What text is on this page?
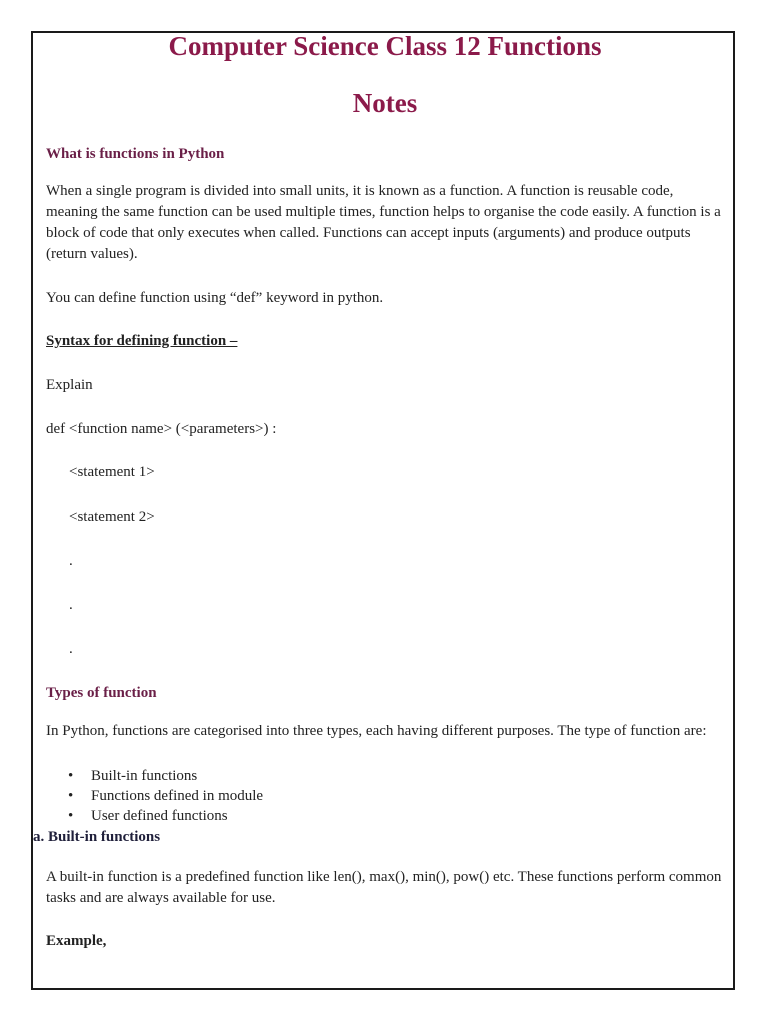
Computer Science Class 12 Functions
Notes
What is functions in Python
When a single program is divided into small units, it is known as a function. A function is reusable code, meaning the same function can be used multiple times, function helps to organise the code easily. A function is a block of code that only executes when called. Functions can accept inputs (arguments) and produce outputs (return values).
You can define function using “def” keyword in python.
Syntax for defining function –
Explain
def <function name> (<parameters>) :
<statement 1>
<statement 2>
.
.
.
Types of function
In Python, functions are categorised into three types, each having different purposes. The type of function are:
• Built-in functions
• Functions defined in module
• User defined functions
a. Built-in functions
A built-in function is a predefined function like len(), max(), min(), pow() etc. These functions perform common tasks and are always available for use.
Example,
